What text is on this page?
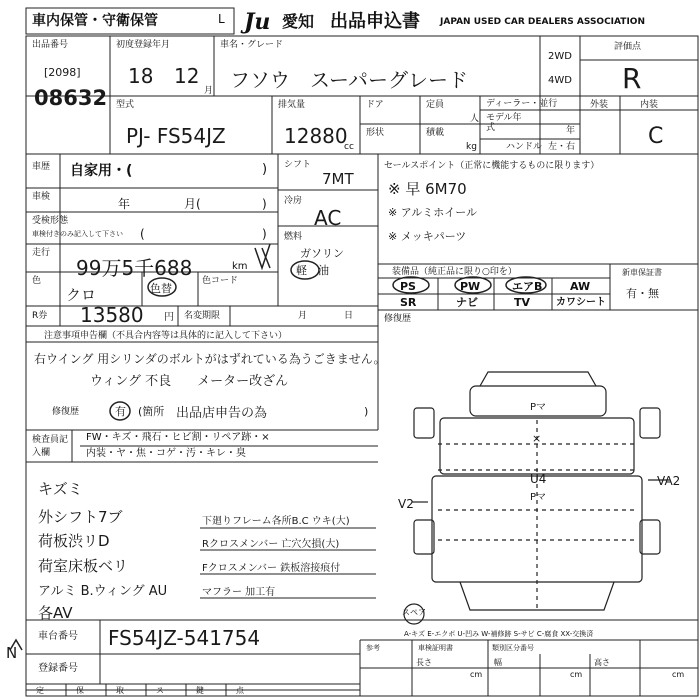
車内保管・守衛保管	L Ju 愛知 出品申込書 JAPAN USED CAR DEALERS ASSOCIATION
出品番号
[2098]
08632
初度登録年月
18 12
月
車名・グレード
フソウ　スーパーグレード
2WD
4WD
評価点
R
型式
PJ- FS54JZ
排気量
12880
cc
ドア	定員
人
形状	積載
kg
ディーラー・並行
モデル年式	年
ハンドル 左・右
外装	内装
C
車歴 自家用・(	)
車検	年	月(	)
受検形態
車検付きのみ記入して下さい (	)
走行
99万5千688	km
色
クロ	色替
色コード
R券 13580 円 名変期限	月	日
シフト
7MT
冷房
AC
燃料
ガソリン
軽　油
セールスポイント（正常に機能するものに限ります）
※ 早 6M70
※ アルミホイール
※ メッキパーツ
装備品（純正品に限り○印を）
PS	PW	エアB	AW
SR	ナビ	TV	カワシート
新車保証書
有・無
注意事項申告欄（不具合内容等は具体的に記入して下さい）
右ウイング 用シリンダのボルトがはずれている為うごきません。
ウィング 不良　　メーター改ざん
修復歴	有 (箇所 出品店申告の為	)
検査員記入欄
FW・キズ・飛石・ヒビ割・リペア跡・×
内装・ヤ・焦・コゲ・汚・キレ・臭
キズミ
外シフト7ブ
荷板渋リD
荷室床板ベリ
アルミ B.ウィング AU
各AV
下廻りフレーム各所B.C ウキ(大)
Rクロスメンバー 亡穴欠損(大)
Fクロスメンバー 鉄板溶接痕付
マフラー 加工有
修復歴
Pマ
×
U4
Pマ
VA2
V2
スペア
A-キズ E-エクボ U-凹み W-補修跡 S-サビ C-腐食 XX-交換済
N
車台番号 FS54JZ-541754
登録番号
参考	車検証明書	類別区分番号
長さ	幅	高さ
cm	cm	cm
定	保	取	ス	鍵	点
